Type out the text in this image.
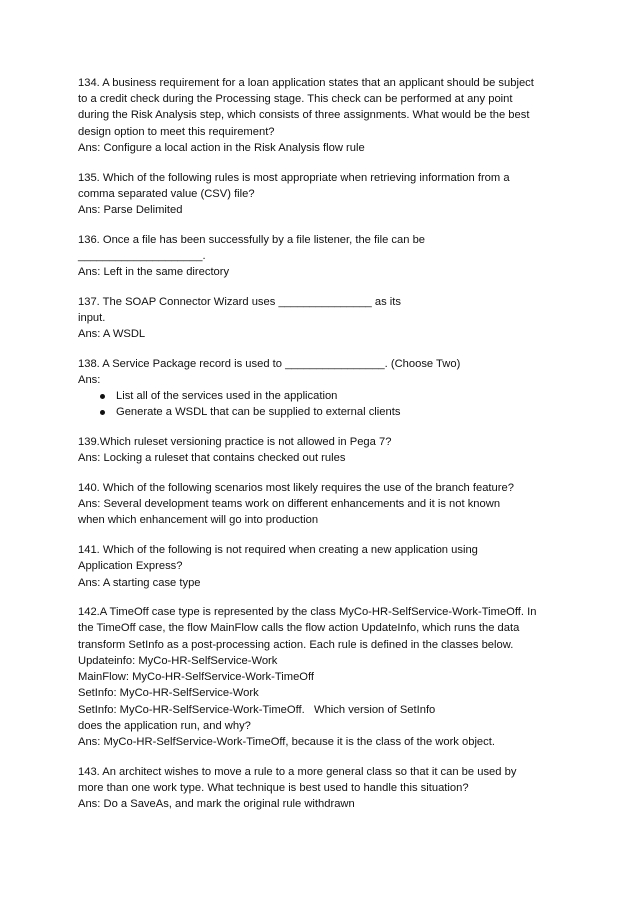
134. A business requirement for a loan application states that an applicant should be subject
to a credit check during the Processing stage. This check can be performed at any point
during the Risk Analysis step, which consists of three assignments. What would be the best
design option to meet this requirement?
Ans: Configure a local action in the Risk Analysis flow rule
135. Which of the following rules is most appropriate when retrieving information from a
comma separated value (CSV) file?
Ans: Parse Delimited
136. Once a file has been successfully by a file listener, the file can be
____________________.
Ans: Left in the same directory
137. The SOAP Connector Wizard uses _______________ as its
input.
Ans: A WSDL
138. A Service Package record is used to ________________. (Choose Two)
Ans:
List all of the services used in the application
Generate a WSDL that can be supplied to external clients
139.Which ruleset versioning practice is not allowed in Pega 7?
Ans: Locking a ruleset that contains checked out rules
140. Which of the following scenarios most likely requires the use of the branch feature?
Ans: Several development teams work on different enhancements and it is not known
when which enhancement will go into production
141. Which of the following is not required when creating a new application using
Application Express?
Ans: A starting case type
142.A TimeOff case type is represented by the class MyCo-HR-SelfService-Work-TimeOff. In
the TimeOff case, the flow MainFlow calls the flow action UpdateInfo, which runs the data
transform SetInfo as a post-processing action. Each rule is defined in the classes below.
Updateinfo: MyCo-HR-SelfService-Work
MainFlow: MyCo-HR-SelfService-Work-TimeOff
SetInfo: MyCo-HR-SelfService-Work
SetInfo: MyCo-HR-SelfService-Work-TimeOff.   Which version of SetInfo
does the application run, and why?
Ans: MyCo-HR-SelfService-Work-TimeOff, because it is the class of the work object.
143. An architect wishes to move a rule to a more general class so that it can be used by
more than one work type. What technique is best used to handle this situation?
Ans: Do a SaveAs, and mark the original rule withdrawn
